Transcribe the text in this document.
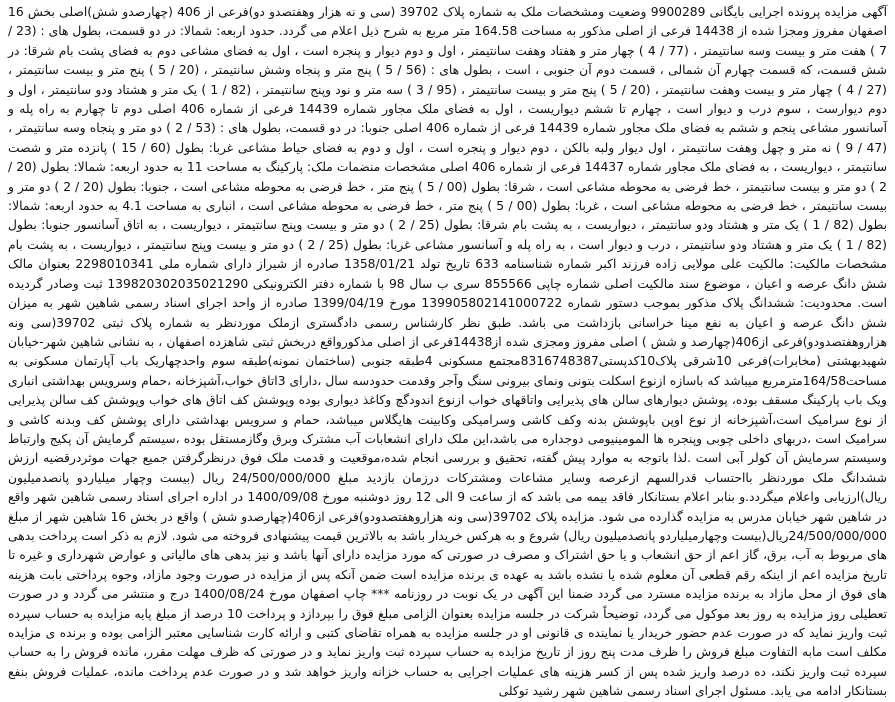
آگهی مزایده پرونده اجرایی بایگانی 9900289 وضعیت ومشخصات ملک به شماره پلاک 39702 (سی و نه هزار وهفتصدو دو)فرعی از 406 (چهارصدو شش)اصلی بخش 16 اصفهان مفروز ومجزا شده از 14438 فرعی از اصلی مذکور به مساحت 164.58 متر مربع به شرح ذیل اعلام می گردد. حدود اربعه: شمالا: در دو قسمت، بطول های : (23 / 7 ) هفت متر و بیست وسه سانتیمتر ، (77 / 4 ) چهار متر و هفتاد وهفت سانتیمتر ، اول و دوم دیوار و پنجره است ، اول به فضای مشاعی دوم به فضای پشت بام شرقا: در شش قسمت، که قسمت چهارم آن شمالی ، قسمت دوم آن جنوبی ، است ، بطول های : (56 / 5 ) پنج متر و پنجاه وشش سانتیمتر ، (20 / 5 ) پنج متر و بیست سانتیمتر ، (27 / 4 ) چهار متر و بیست وهفت سانتیمتر ، (20 / 5 ) پنج متر و بیست سانتیمتر ، (95 / 3 ) سه متر و نود وپنج سانتیمتر ، (82 / 1 ) یک متر و هشتاد ودو سانتیمتر ، اول و دوم دیوارست ، سوم درب و دیوار است ، چهارم تا ششم دیواریست ، اول به فضای ملک مجاور شماره 14439 فرعی از شماره 406 اصلی دوم تا چهارم به راه پله و آسانسور مشاعی پنجم و ششم به فضای ملک مجاور شماره 14439 فرعی از شماره 406 اصلی جنوبا: در دو قسمت، بطول های : (53 / 2 ) دو متر و پنجاه وسه سانتیمتر ، (47 / 9 ) نه متر و چهل وهفت سانتیمتر ، اول دیوار ولبه بالکن ، دوم دیوار و پنجره است ، اول و دوم به فضای حیاط مشاعی غربا: بطول (60 / 15 ) پانزده متر و شصت سانتیمتر ، دیواریست ، به فضای ملک مجاور شماره 14437 فرعی از شماره 406 اصلی مشخصات منضمات ملک: پارکینگ به مساحت 11 به حدود اربعه: شمالا: بطول (20 / 2 ) دو متر و بیست سانتیمتر ، خط فرضی به محوطه مشاعی است ، شرقا: بطول (00 / 5 ) پنج متر ، خط فرضی به محوطه مشاعی است ، جنوبا: بطول (20 / 2 ) دو متر و بیست سانتیمتر ، خط فرضی به محوطه مشاعی است ، غربا: بطول (00 / 5 ) پنج متر ، خط فرضی به محوطه مشاعی است ، انباری به مساحت 4.1 به حدود اربعه: شمالا: بطول (82 / 1 ) یک متر و هشتاد ودو سانتیمتر ، دیواریست ، به پشت بام شرقا: بطول (25 / 2 ) دو متر و بیست وپنج سانتیمتر ، دیواریست ، به اتاق آسانسور جنوبا: بطول (82 / 1 ) یک متر و هشتاد ودو سانتیمتر ، درب و دیوار است ، به راه پله و آسانسور مشاعی غربا: بطول (25 / 2 ) دو متر و بیست وپنج سانتیمتر ، دیواریست ، به پشت بام مشخصات مالکیت: مالکیت علی مولایی زاده فرزند اکبر شماره شناسنامه 633 تاریخ تولد 1358/01/21 صادره از شیراز دارای شماره ملی 2298010341 بعنوان مالک شش دانگ عرصه و اعیان ، موضوع سند مالکیت اصلی شماره چاپی 855566 سری ب سال 98 با شماره دفتر الکترونیکی 139820302035021290 ثبت وصادر گردیده است. محدودیت: ششدانگ پلاک مذکور بموجب دستور شماره 139905802141000722 مورخ 1399/04/19 صادره از واحد اجرای اسناد رسمی شاهین شهر به میزان شش دانگ عرصه و اعیان به نفع مینا خراسانی بازداشت می باشد. طبق نظر کارشناس رسمی دادگستری ازملک موردنظر به شماره پلاک ثبتی 39702(سی ونه هزاروهفتصدودو)فرعی از406(چهارصد و شش ) اصلی مفروز ومجزی شده از14438فرعی از اصلی مذکورواقع دربخش ثبتی شاهزده اصفهان ، به نشانی شاهین شهر-خیابان شهیدبهشتی (مخابرات)فرعی 10شرقی پلاک10کدپستی8316748387مجتمع مسکونی 4طبقه جنوبی (ساختمان نمونه)طبقه سوم واحدچهاریک باب آپارتمان مسکونی به مساحت164/58مترمربع میباشد که باسازه ازنوع اسکلت بتونی ونمای بیرونی سنگ وآجر وقدمت حدودسه سال ،دارای 3اتاق خواب،آشپزخانه ،حمام وسرویس بهداشتی انباری ویک باب پارکینگ مسقف بوده، پوشش دیوارهای سالن های پذیرایی واتاقهای خواب ازنوع اندودگچ وکاغذ دیواری بوده وپوشش کف اتاق های خواب وپوشش کف سالن پذیرایی از نوع سرامیک است،آشپزخانه از نوع اوپن باپوشش بدنه وکف کاشی وسرامیکی وکابینت هایگلاس میباشد، حمام و سرویس بهداشتی دارای پوشش کف وبدنه کاشی و سرامیک است ،دربهای داخلی چوبی وپنجره ها المومینیومی دوجداره می باشد،این ملک دارای انشعابات آب مشترک وبرق وگازمستقل بوده ،سیستم گرمایش آن پکیج وارتباط وسیستم سرمایش آن کولر آبی است .لذا باتوجه به موارد پیش گفته، تحقیق و بررسی انجام شده،موقعیت و قدمت ملک فوق درنظرگرفتن جمیع جهات موثردرقضیه ارزش ششدانگ ملک موردنظر بااحتساب قدرالسهم ازعرصه وسایر مشاعات ومشترکات درزمان بازدید مبلغ 24/500/000/000 ریال (بیست وچهار میلیاردو پانصدمیلیون ریال)ارزیابی واعلام میگردد.و بنابر اعلام بستانکار فاقد بیمه می باشد که از ساعت 9 الی 12 روز دوشنبه مورخ 1400/09/08 در اداره اجرای اسناد رسمی شاهین شهر واقع در شاهین شهر خیابان مدرس به مزایده گذارده می شود. مزایده پلاک 39702(سی ونه هزاروهفتصدودو)فرعی از406(چهارصدو شش ) واقع در بخش 16 شاهین شهر از مبلغ 24/500/000/000ریال(بیست وچهارمیلیاردو پانصدمیلیون ریال) شروع و به هرکس خریدار باشد به بالاترین قیمت پیشنهادی فروخته می شود. لازم به ذکر است پرداخت بدهی های مربوط به آب، برق، گاز اعم از حق انشعاب و یا حق اشتراک و مصرف در صورتی که مورد مزایده دارای آنها باشد و نیز بدهی های مالیاتی و عوارض شهرداری و غیره تا تاریخ مزایده اعم از اینکه رقم قطعی آن معلوم شده یا نشده باشد به عهده ی برنده مزایده است ضمن آنکه پس از مزایده در صورت وجود مازاد، وجوه پرداختی بابت هزینه های فوق از محل مازاد به برنده مزایده مسترد می گردد ضمنا این آگهی در یک نوبت در روزنامه *** چاپ اصفهان مورخ 1400/08/24 درج و منتشر می گردد و در صورت تعطیلی روز مزایده به روز بعد موکول می گردد، توضیحاً شرکت در جلسه مزایده بعنوان الزامی مبلغ فوق را بپردازد و پرداخت 10 درصد از مبلغ پایه مزایده به حساب سپرده ثبت واریز نماید که در صورت عدم حضور خریدار یا نماینده ی قانونی او در جلسه مزایده به همراه تقاضای کتبی و ارائه کارت شناسایی معتبر الزامی بوده و برنده ی مزایده مکلف است مابه التفاوت مبلغ فروش را ظرف مدت پنج روز از تاریخ مزایده به حساب سپرده ثبت واریز نماید و در صورتی که ظرف مهلت مقرر، مانده فروش را به حساب سپرده ثبت واریز نکند، ده درصد واریز شده پس از کسر هزینه های عملیات اجرایی به حساب خزانه واریز خواهد شد و در صورت عدم پرداخت مانده، عملیات فروش بنفع بستانکار ادامه می یابد. مسئول اجرای اسناد رسمی شاهین شهر رشید توکلی
